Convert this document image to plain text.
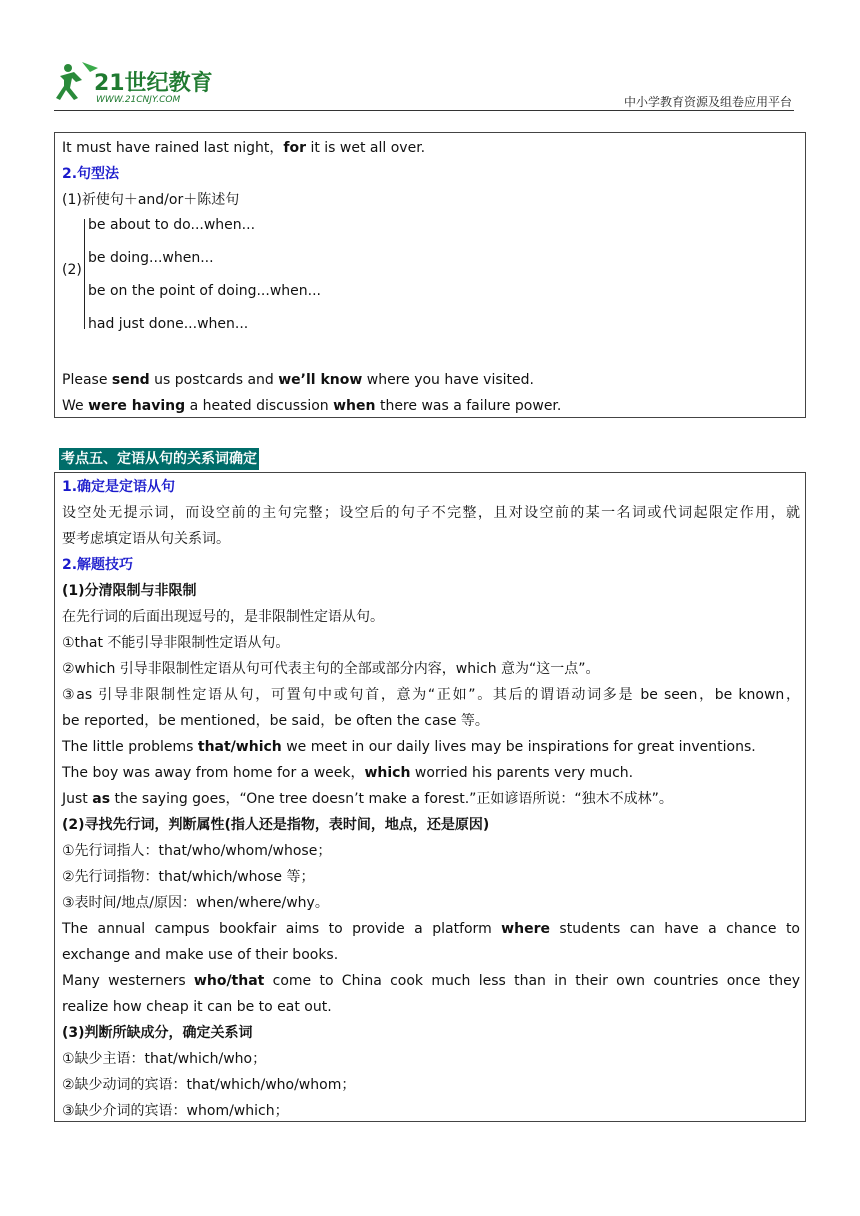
21世纪教育
WWW.21CNJY.COM	中小学教育资源及组卷应用平台
It must have rained last night，for it is wet all over.
2.句型法
(1)祈使句＋and/or＋陈述句
(2)
be about to do...when...
be doing...when...
be on the point of doing...when...
had just done...when...
Please send us postcards and we’ll know where you have visited.
We were having a heated discussion when there was a failure power.
考点五、定语从句的关系词确定
1.确定是定语从句
设空处无提示词，而设空前的主句完整；设空后的句子不完整，且对设空前的某一名词或代词起限定作用，就
要考虑填定语从句关系词。
2.解题技巧
(1)分清限制与非限制
在先行词的后面出现逗号的，是非限制性定语从句。
①that 不能引导非限制性定语从句。
②which 引导非限制性定语从句可代表主句的全部或部分内容，which 意为“这一点”。
③as 引导非限制性定语从句，可置句中或句首，意为“正如”。其后的谓语动词多是 be seen，be known，
be reported，be mentioned，be said，be often the case 等。
The little problems that/which we meet in our daily lives may be inspirations for great inventions.
The boy was away from home for a week，which worried his parents very much.
Just as the saying goes，“One tree doesn’t make a forest.”正如谚语所说：“独木不成林”。
(2)寻找先行词，判断属性(指人还是指物，表时间，地点，还是原因)
①先行词指人：that/who/whom/whose；
②先行词指物：that/which/whose 等；
③表时间/地点/原因：when/where/why。
The annual campus bookfair aims to provide a platform where students can have a chance to
exchange and make use of their books.
Many westerners who/that come to China cook much less than in their own countries once they
realize how cheap it can be to eat out.
(3)判断所缺成分，确定关系词
①缺少主语：that/which/who；
②缺少动词的宾语：that/which/who/whom；
③缺少介词的宾语：whom/which；
